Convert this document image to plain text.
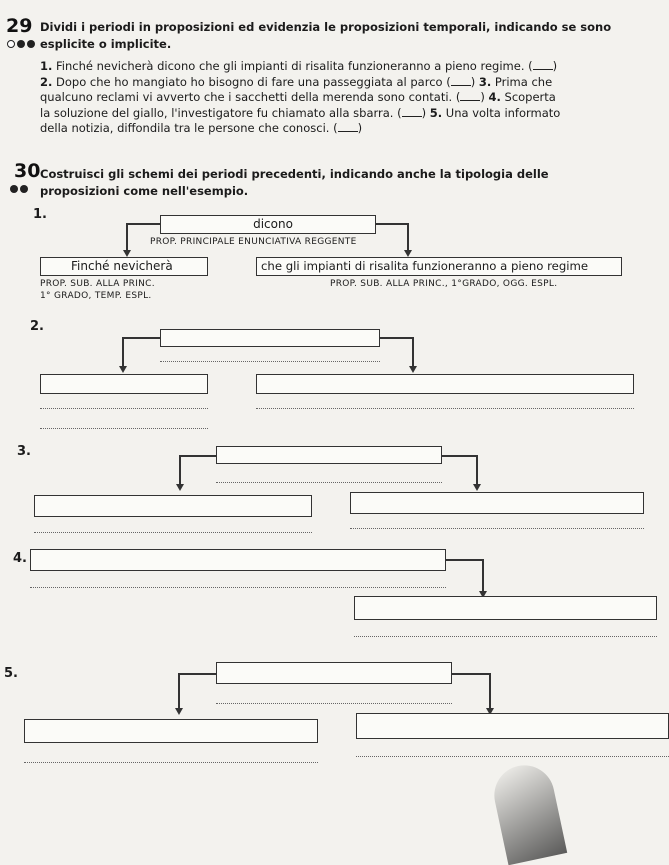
29 Dividi i periodi in proposizioni ed evidenzia le proposizioni temporali, indicando se sono
esplicite o implicite.
1. Finché nevicherà dicono che gli impianti di risalita funzioneranno a pieno regime. ( )
2. Dopo che ho mangiato ho bisogno di fare una passeggiata al parco ( ) 3. Prima che
qualcuno reclami vi avverto che i sacchetti della merenda sono contati. ( ) 4. Scoperta
la soluzione del giallo, l'investigatore fu chiamato alla sbarra. ( ) 5. Una volta informato
della notizia, diffondila tra le persone che conosci. ( )
30 Costruisci gli schemi dei periodi precedenti, indicando anche la tipologia delle
proposizioni come nell'esempio.
1.
dicono
PROP. PRINCIPALE ENUNCIATIVA REGGENTE
Finché nevicherà
PROP. SUB. ALLA PRINC.
1° GRADO, TEMP. ESPL.
che gli impianti di risalita funzioneranno a pieno regime
PROP. SUB. ALLA PRINC., 1°GRADO, OGG. ESPL.
2.
3.
4.
5.
